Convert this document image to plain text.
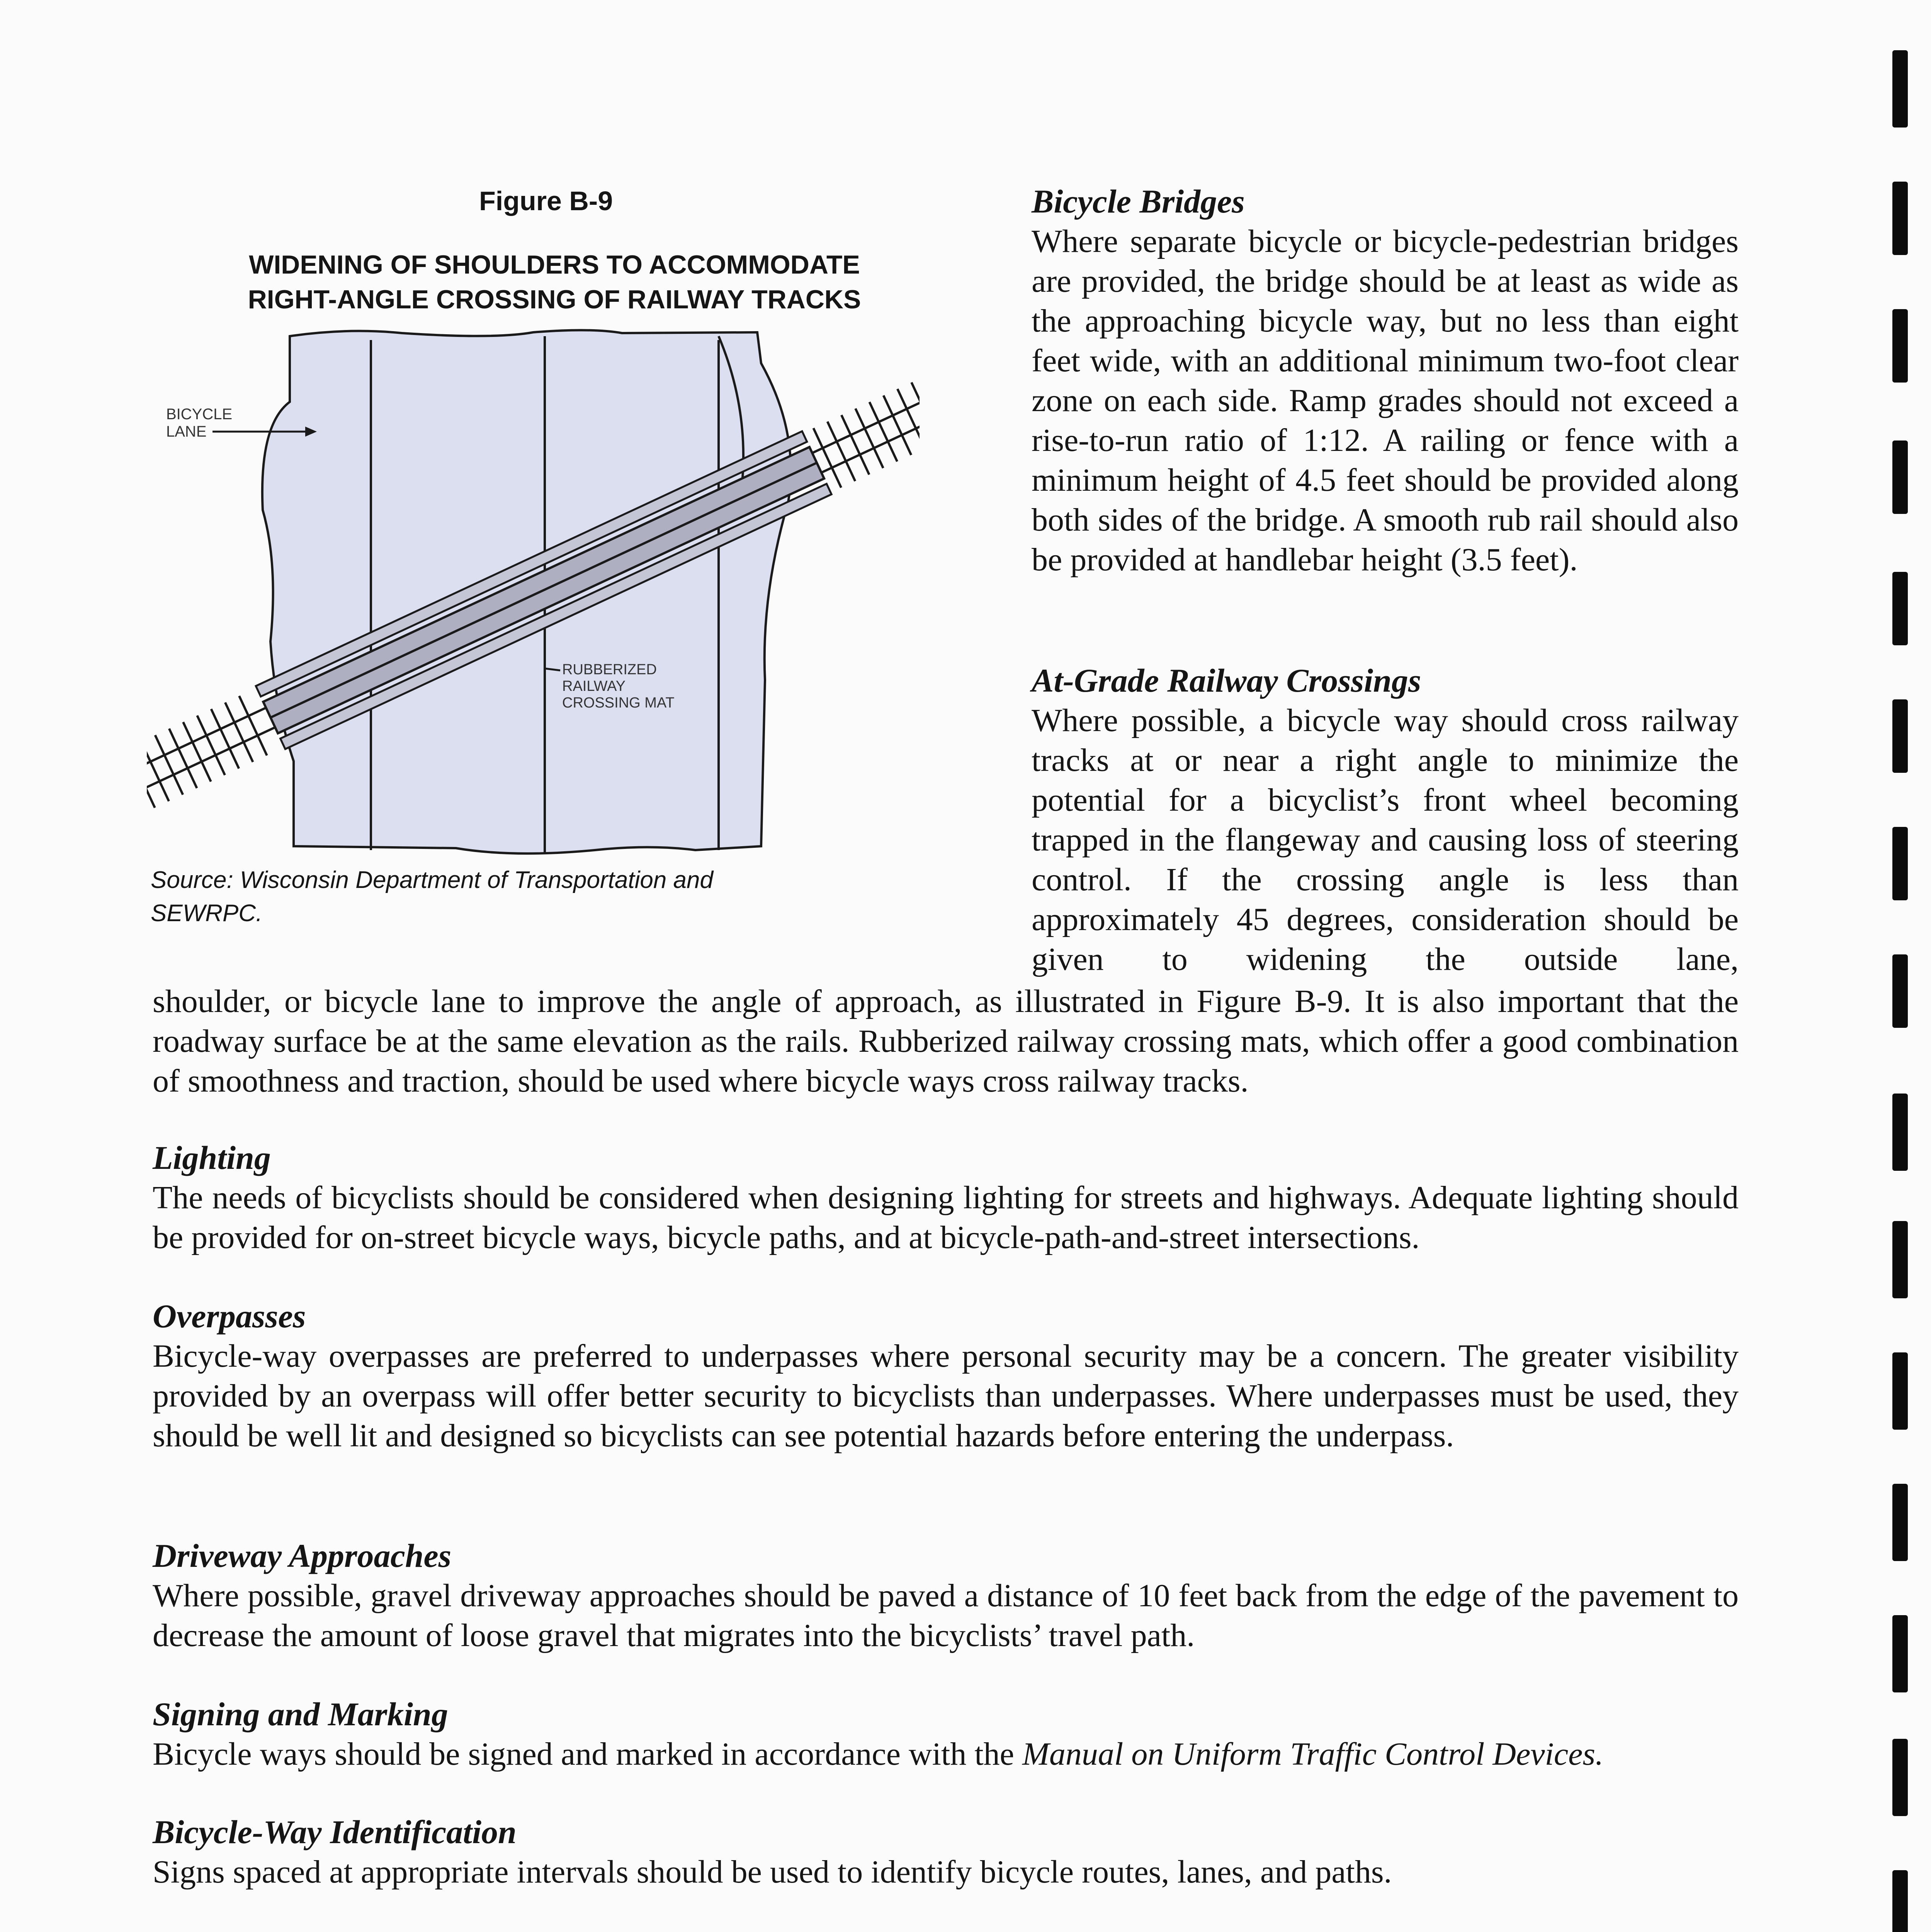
Figure B-9
WIDENING OF SHOULDERS TO ACCOMMODATE RIGHT-ANGLE CROSSING OF RAILWAY TRACKS
BICYCLE
LANE
RUBBERIZED
RAILWAY
CROSSING MAT
Source: Wisconsin Department of Transportation and SEWRPC.
Bicycle Bridges
Where separate bicycle or bicycle-pedestrian bridges are provided, the bridge should be at least as wide as the approaching bicycle way, but no less than eight feet wide, with an additional minimum two-foot clear zone on each side. Ramp grades should not exceed a rise-to-run ratio of 1:12. A railing or fence with a minimum height of 4.5 feet should be provided along both sides of the bridge. A smooth rub rail should also be provided at handlebar height (3.5 feet).
At-Grade Railway Crossings
Where possible, a bicycle way should cross railway tracks at or near a right angle to minimize the potential for a bicyclist’s front wheel becoming trapped in the flangeway and causing loss of steering control. If the crossing angle is less than approximately 45 degrees, consideration should be given to widening the outside lane,
shoulder, or bicycle lane to improve the angle of approach, as illustrated in Figure B-9. It is also important that the roadway surface be at the same elevation as the rails. Rubberized railway crossing mats, which offer a good combination of smoothness and traction, should be used where bicycle ways cross railway tracks.
Lighting
The needs of bicyclists should be considered when designing lighting for streets and highways. Adequate lighting should be provided for on-street bicycle ways, bicycle paths, and at bicycle-path-and-street intersections.
Overpasses
Bicycle-way overpasses are preferred to underpasses where personal security may be a concern. The greater visibility provided by an overpass will offer better security to bicyclists than underpasses. Where underpasses must be used, they should be well lit and designed so bicyclists can see potential hazards before entering the underpass.
Driveway Approaches
Where possible, gravel driveway approaches should be paved a distance of 10 feet back from the edge of the pavement to decrease the amount of loose gravel that migrates into the bicyclists’ travel path.
Signing and Marking
Bicycle ways should be signed and marked in accordance with the Manual on Uniform Traffic Control Devices.
Bicycle-Way Identification
Signs spaced at appropriate intervals should be used to identify bicycle routes, lanes, and paths.
